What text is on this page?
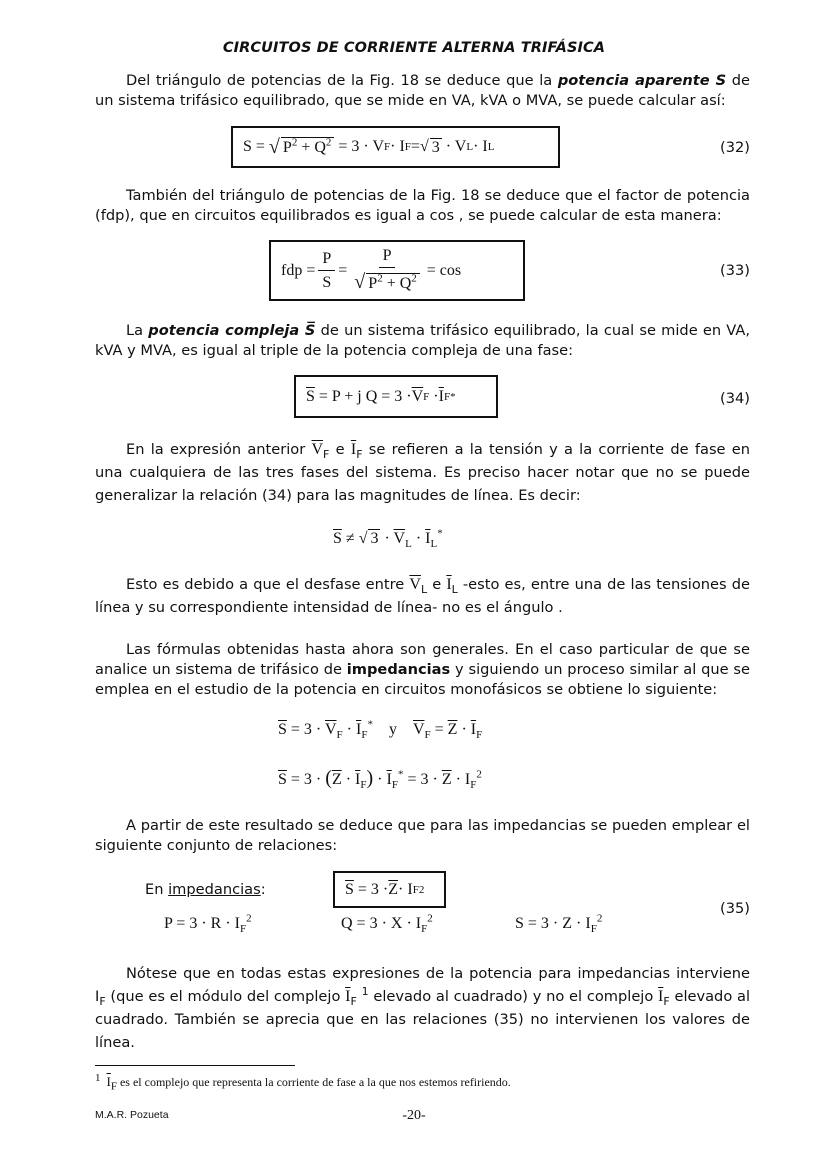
CIRCUITOS DE CORRIENTE ALTERNA TRIFÁSICA

Del triángulo de potencias de la Fig. 18 se deduce que la potencia aparente S de un sistema trifásico equilibrado, que se mide en VA, kVA o MVA, se puede calcular así:

S = √ $P^2 + Q^2 = 3 \cdot V$ F · I F = √ 3 · V L · I L	(32)

También del triángulo de potencias de la Fig. 18 se deduce que el factor de potencia (fdp), que en circuitos equilibrados es igual a cos , se puede calcular de esta manera:

fdp = $\frac{P}{S} = \frac{P}{√ P^2 + Q^2} = \cos$	(33)

La potencia compleja S̅ de un sistema trifásico equilibrado, la cual se mide en VA, kVA y MVA, es igual al triple de la potencia compleja de una fase:

$\overline{S} = P + j$ $Q = 3 \cdot \overline{V}$ $F \cdot \overline{I}$ F *	(34)

En la expresión anterior $\overline{V}_F$ e $\overline{I}_F$ se refieren a la tensión y a la corriente de fase en una cualquiera de las tres fases del sistema. Es preciso hacer notar que no se puede generalizar la relación (34) para las magnitudes de línea. Es decir:

$\overline{S}$ ≠ √ $3 \cdot \overline{V}_L \cdot \overline{I}_L^*$

Esto es debido a que el desfase entre $\overline{V}_L$ e $\overline{I}_L$ -esto es, entre una de las tensiones de línea y su correspondiente intensidad de línea- no es el ángulo .

Las fórmulas obtenidas hasta ahora son generales. En el caso particular de que se analice un sistema de trifásico de impedancias y siguiendo un proceso similar al que se emplea en el estudio de la potencia en circuitos monofásicos se obtiene lo siguiente:

$\overline{S} = 3 \cdot \overline{V}_F \cdot \overline{I}_F^*$    y    $\overline{V}_F = \overline{Z} \cdot \overline{I}_F$
$\overline{S} = 3 \cdot (\overline{Z} \cdot \overline{I}_F) \cdot \overline{I}_F^* = 3 \cdot \overline{Z} \cdot I_F^2$

A partir de este resultado se deduce que para las impedancias se pueden emplear el siguiente conjunto de relaciones:

En impedancias:	$\overline{S} = 3 \cdot \overline{Z} \cdot I$ F 2
$P = 3 \cdot R \cdot I_F^2$	$Q = 3 \cdot X \cdot I_F^2$	$S = 3 \cdot Z \cdot I_F^2$
(35)

Nótese que en todas estas expresiones de la potencia para impedancias interviene $I_F$ (que es el módulo del complejo $\overline{I}_F$ $^1$ elevado al cuadrado) y no el complejo $\overline{I}_F$ elevado al cuadrado. También se aprecia que en las relaciones (35) no intervienen los valores de línea.

$^1$ $\overline{I}_F$ es el complejo que representa la corriente de fase a la que nos estemos refiriendo.
M.A.R. Pozueta	-20-
